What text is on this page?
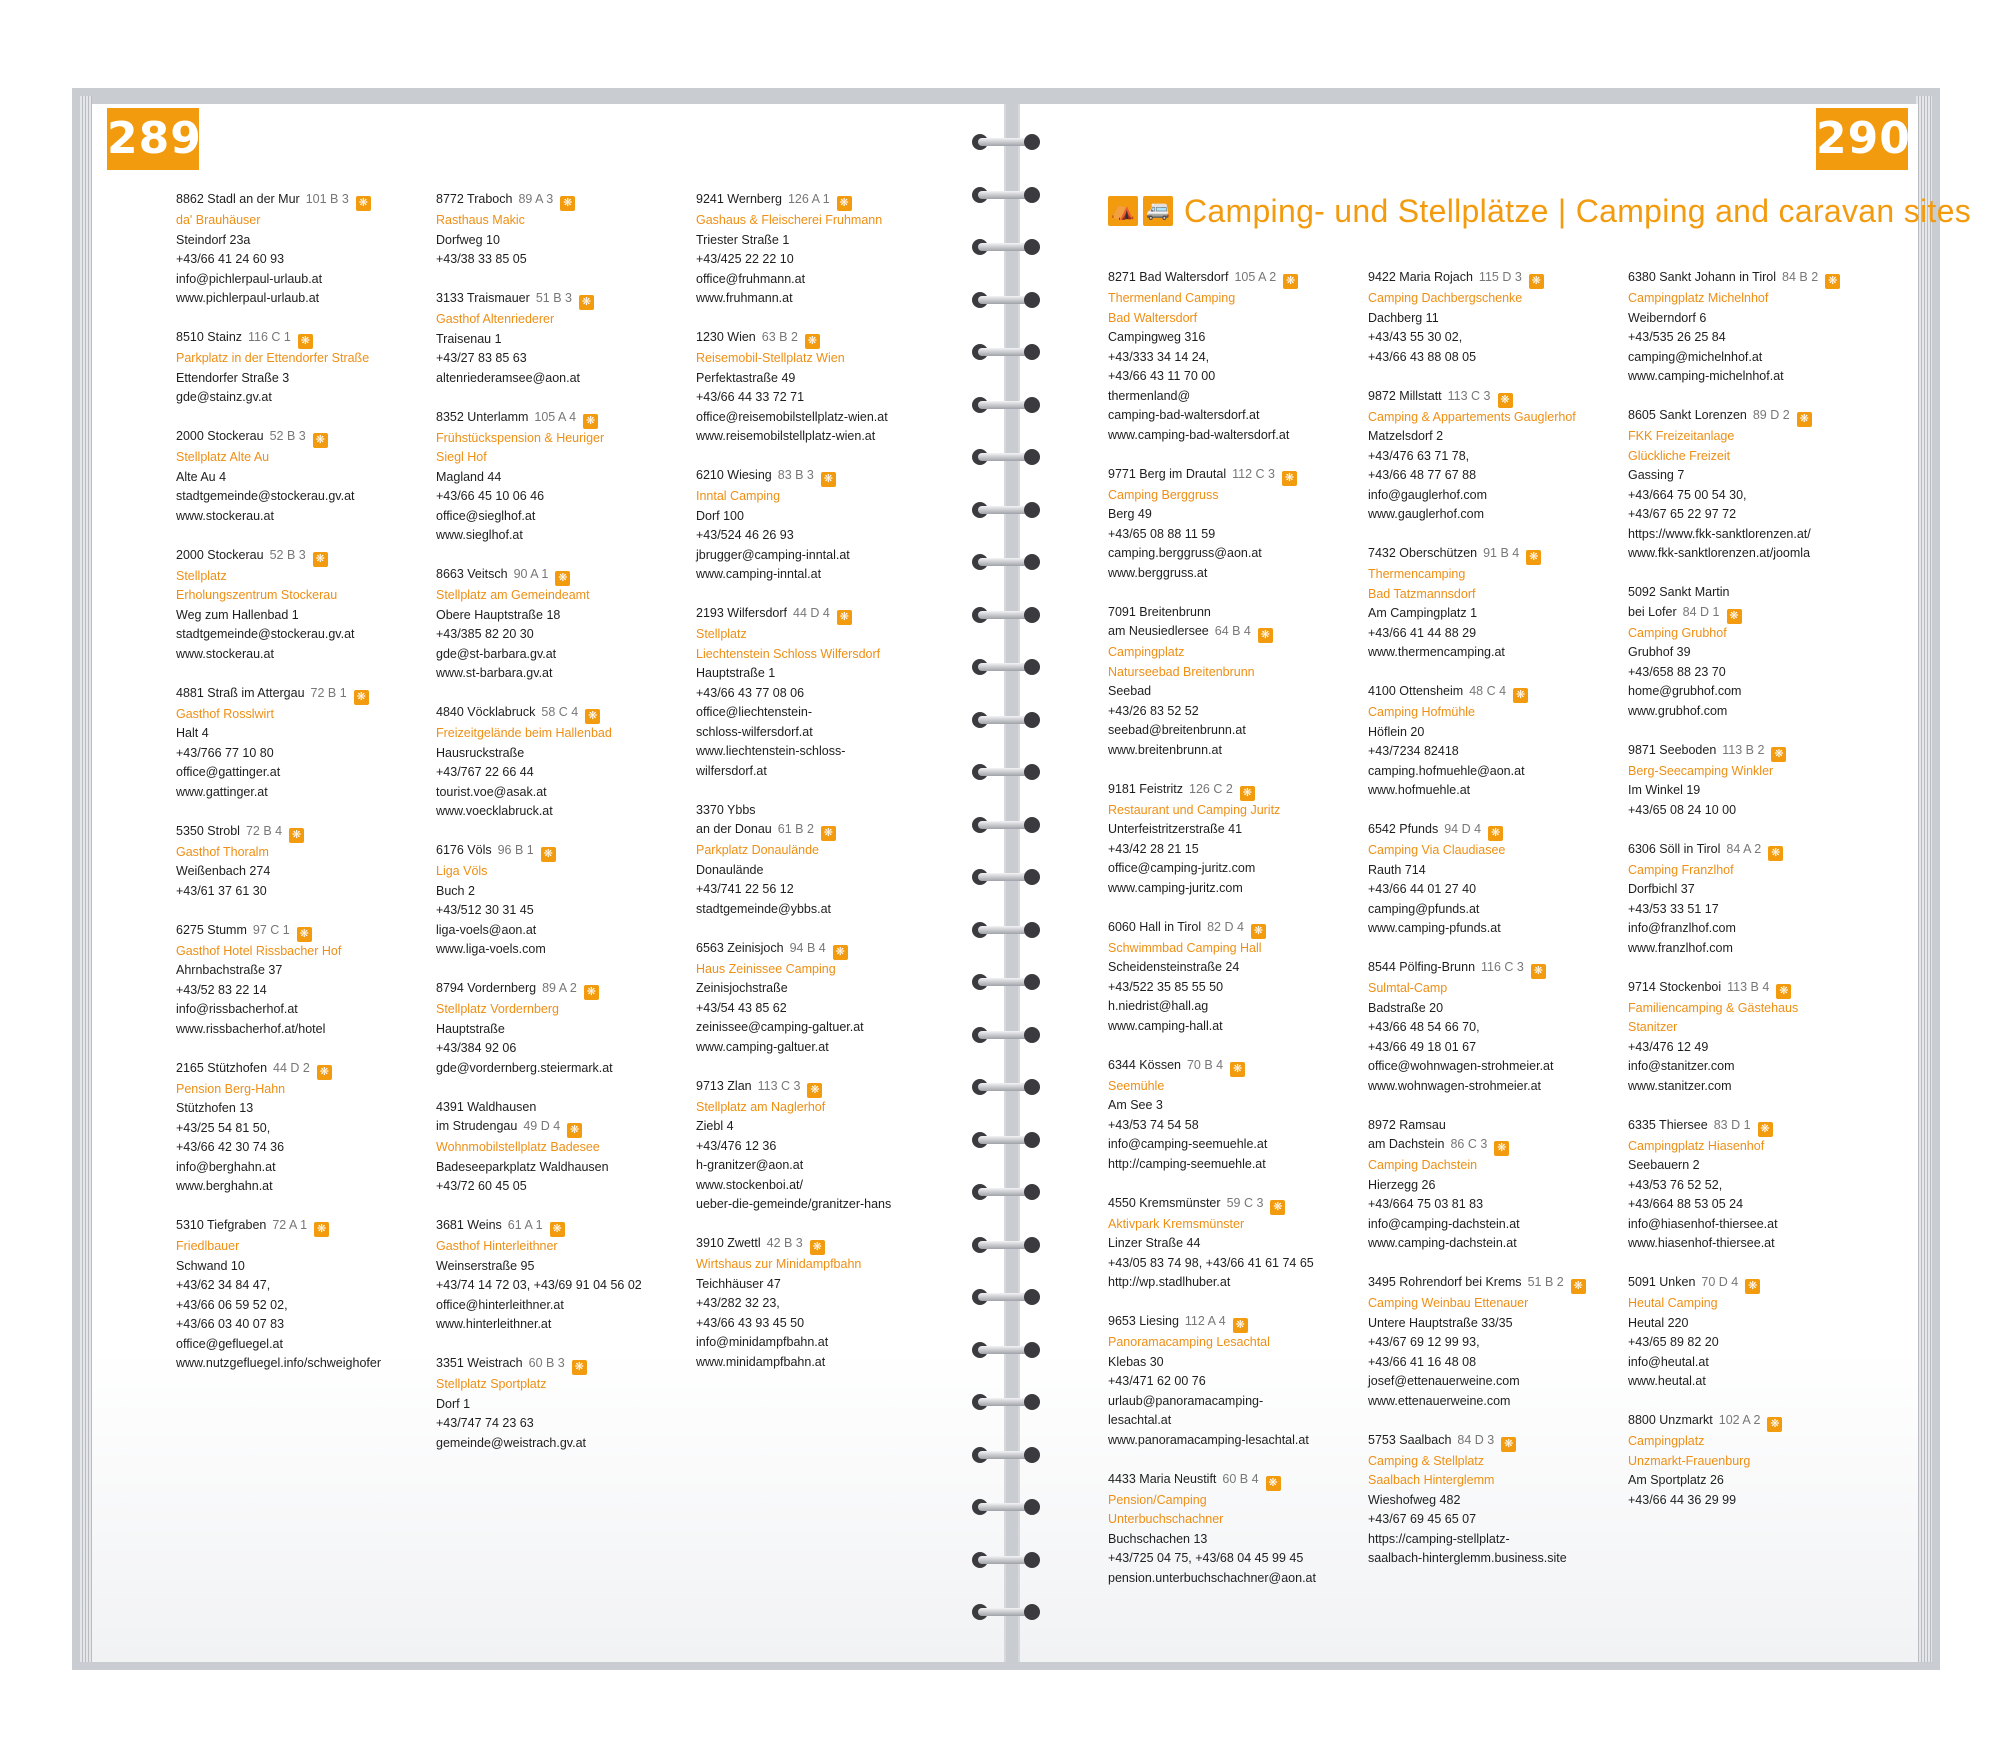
289	290
⛺ 🚐 Camping- und Stellplätze | Camping and caravan sites
8862 Stadl an der Mur 101 B 3 ❋
da' Brauhäuser
Steindorf 23a
+43/66 41 24 60 93
info@pichlerpaul-urlaub.at
www.pichlerpaul-urlaub.at
8510 Stainz 116 C 1 ❋
Parkplatz in der Ettendorfer Straße
Ettendorfer Straße 3
gde@stainz.gv.at
2000 Stockerau 52 B 3 ❋
Stellplatz Alte Au
Alte Au 4
stadtgemeinde@stockerau.gv.at
www.stockerau.at
2000 Stockerau 52 B 3 ❋
Stellplatz
Erholungszentrum Stockerau
Weg zum Hallenbad 1
stadtgemeinde@stockerau.gv.at
www.stockerau.at
4881 Straß im Attergau 72 B 1 ❋
Gasthof Rosslwirt
Halt 4
+43/766 77 10 80
office@gattinger.at
www.gattinger.at
5350 Strobl 72 B 4 ❋
Gasthof Thoralm
Weißenbach 274
+43/61 37 61 30
6275 Stumm 97 C 1 ❋
Gasthof Hotel Rissbacher Hof
Ahrnbachstraße 37
+43/52 83 22 14
info@rissbacherhof.at
www.rissbacherhof.at/hotel
2165 Stützhofen 44 D 2 ❋
Pension Berg-Hahn
Stützhofen 13
+43/25 54 81 50,
+43/66 42 30 74 36
info@berghahn.at
www.berghahn.at
5310 Tiefgraben 72 A 1 ❋
Friedlbauer
Schwand 10
+43/62 34 84 47,
+43/66 06 59 52 02,
+43/66 03 40 07 83
office@gefluegel.at
www.nutzgefluegel.info/schweighofer
8772 Traboch 89 A 3 ❋
Rasthaus Makic
Dorfweg 10
+43/38 33 85 05
3133 Traismauer 51 B 3 ❋
Gasthof Altenriederer
Traisenau 1
+43/27 83 85 63
altenriederamsee@aon.at
8352 Unterlamm 105 A 4 ❋
Frühstückspension & Heuriger
Siegl Hof
Magland 44
+43/66 45 10 06 46
office@sieglhof.at
www.sieglhof.at
8663 Veitsch 90 A 1 ❋
Stellplatz am Gemeindeamt
Obere Hauptstraße 18
+43/385 82 20 30
gde@st-barbara.gv.at
www.st-barbara.gv.at
4840 Vöcklabruck 58 C 4 ❋
Freizeitgelände beim Hallenbad
Hausruckstraße
+43/767 22 66 44
tourist.voe@asak.at
www.voecklabruck.at
6176 Völs 96 B 1 ❋
Liga Völs
Buch 2
+43/512 30 31 45
liga-voels@aon.at
www.liga-voels.com
8794 Vordernberg 89 A 2 ❋
Stellplatz Vordernberg
Hauptstraße
+43/384 92 06
gde@vordernberg.steiermark.at
4391 Waldhausen
im Strudengau 49 D 4 ❋
Wohnmobilstellplatz Badesee
Badeseeparkplatz Waldhausen
+43/72 60 45 05
3681 Weins 61 A 1 ❋
Gasthof Hinterleithner
Weinserstraße 95
+43/74 14 72 03, +43/69 91 04 56 02
office@hinterleithner.at
www.hinterleithner.at
3351 Weistrach 60 B 3 ❋
Stellplatz Sportplatz
Dorf 1
+43/747 74 23 63
gemeinde@weistrach.gv.at
9241 Wernberg 126 A 1 ❋
Gashaus & Fleischerei Fruhmann
Triester Straße 1
+43/425 22 22 10
office@fruhmann.at
www.fruhmann.at
1230 Wien 63 B 2 ❋
Reisemobil-Stellplatz Wien
Perfektastraße 49
+43/66 44 33 72 71
office@reisemobilstellplatz-wien.at
www.reisemobilstellplatz-wien.at
6210 Wiesing 83 B 3 ❋
Inntal Camping
Dorf 100
+43/524 46 26 93
jbrugger@camping-inntal.at
www.camping-inntal.at
2193 Wilfersdorf 44 D 4 ❋
Stellplatz
Liechtenstein Schloss Wilfersdorf
Hauptstraße 1
+43/66 43 77 08 06
office@liechtenstein-
schloss-wilfersdorf.at
www.liechtenstein-schloss-
wilfersdorf.at
3370 Ybbs
an der Donau 61 B 2 ❋
Parkplatz Donaulände
Donaulände
+43/741 22 56 12
stadtgemeinde@ybbs.at
6563 Zeinisjoch 94 B 4 ❋
Haus Zeinissee Camping
Zeinisjochstraße
+43/54 43 85 62
zeinissee@camping-galtuer.at
www.camping-galtuer.at
9713 Zlan 113 C 3 ❋
Stellplatz am Naglerhof
Ziebl 4
+43/476 12 36
h-granitzer@aon.at
www.stockenboi.at/
ueber-die-gemeinde/granitzer-hans
3910 Zwettl 42 B 3 ❋
Wirtshaus zur Minidampfbahn
Teichhäuser 47
+43/282 32 23,
+43/66 43 93 45 50
info@minidampfbahn.at
www.minidampfbahn.at
8271 Bad Waltersdorf 105 A 2 ❋
Thermenland Camping
Bad Waltersdorf
Campingweg 316
+43/333 34 14 24,
+43/66 43 11 70 00
thermenland@
camping-bad-waltersdorf.at
www.camping-bad-waltersdorf.at
9771 Berg im Drautal 112 C 3 ❋
Camping Berggruss
Berg 49
+43/65 08 88 11 59
camping.berggruss@aon.at
www.berggruss.at
7091 Breitenbrunn
am Neusiedlersee 64 B 4 ❋
Campingplatz
Naturseebad Breitenbrunn
Seebad
+43/26 83 52 52
seebad@breitenbrunn.at
www.breitenbrunn.at
9181 Feistritz 126 C 2 ❋
Restaurant und Camping Juritz
Unterfeistritzerstraße 41
+43/42 28 21 15
office@camping-juritz.com
www.camping-juritz.com
6060 Hall in Tirol 82 D 4 ❋
Schwimmbad Camping Hall
Scheidensteinstraße 24
+43/522 35 85 55 50
h.niedrist@hall.ag
www.camping-hall.at
6344 Kössen 70 B 4 ❋
Seemühle
Am See 3
+43/53 74 54 58
info@camping-seemuehle.at
http://camping-seemuehle.at
4550 Kremsmünster 59 C 3 ❋
Aktivpark Kremsmünster
Linzer Straße 44
+43/05 83 74 98, +43/66 41 61 74 65
http://wp.stadlhuber.at
9653 Liesing 112 A 4 ❋
Panoramacamping Lesachtal
Klebas 30
+43/471 62 00 76
urlaub@panoramacamping-
lesachtal.at
www.panoramacamping-lesachtal.at
4433 Maria Neustift 60 B 4 ❋
Pension/Camping
Unterbuchschachner
Buchschachen 13
+43/725 04 75, +43/68 04 45 99 45
pension.unterbuchschachner@aon.at
9422 Maria Rojach 115 D 3 ❋
Camping Dachbergschenke
Dachberg 11
+43/43 55 30 02,
+43/66 43 88 08 05
9872 Millstatt 113 C 3 ❋
Camping & Appartements Gauglerhof
Matzelsdorf 2
+43/476 63 71 78,
+43/66 48 77 67 88
info@gauglerhof.com
www.gauglerhof.com
7432 Oberschützen 91 B 4 ❋
Thermencamping
Bad Tatzmannsdorf
Am Campingplatz 1
+43/66 41 44 88 29
www.thermencamping.at
4100 Ottensheim 48 C 4 ❋
Camping Hofmühle
Höflein 20
+43/7234 82418
camping.hofmuehle@aon.at
www.hofmuehle.at
6542 Pfunds 94 D 4 ❋
Camping Via Claudiasee
Rauth 714
+43/66 44 01 27 40
camping@pfunds.at
www.camping-pfunds.at
8544 Pölfing-Brunn 116 C 3 ❋
Sulmtal-Camp
Badstraße 20
+43/66 48 54 66 70,
+43/66 49 18 01 67
office@wohnwagen-strohmeier.at
www.wohnwagen-strohmeier.at
8972 Ramsau
am Dachstein 86 C 3 ❋
Camping Dachstein
Hierzegg 26
+43/664 75 03 81 83
info@camping-dachstein.at
www.camping-dachstein.at
3495 Rohrendorf bei Krems 51 B 2 ❋
Camping Weinbau Ettenauer
Untere Hauptstraße 33/35
+43/67 69 12 99 93,
+43/66 41 16 48 08
josef@ettenauerweine.com
www.ettenauerweine.com
5753 Saalbach 84 D 3 ❋
Camping & Stellplatz
Saalbach Hinterglemm
Wieshofweg 482
+43/67 69 45 65 07
https://camping-stellplatz-
saalbach-hinterglemm.business.site
6380 Sankt Johann in Tirol 84 B 2 ❋
Campingplatz Michelnhof
Weiberndorf 6
+43/535 26 25 84
camping@michelnhof.at
www.camping-michelnhof.at
8605 Sankt Lorenzen 89 D 2 ❋
FKK Freizeitanlage
Glückliche Freizeit
Gassing 7
+43/664 75 00 54 30,
+43/67 65 22 97 72
https://www.fkk-sanktlorenzen.at/
www.fkk-sanktlorenzen.at/joomla
5092 Sankt Martin
bei Lofer 84 D 1 ❋
Camping Grubhof
Grubhof 39
+43/658 88 23 70
home@grubhof.com
www.grubhof.com
9871 Seeboden 113 B 2 ❋
Berg-Seecamping Winkler
Im Winkel 19
+43/65 08 24 10 00
6306 Söll in Tirol 84 A 2 ❋
Camping Franzlhof
Dorfbichl 37
+43/53 33 51 17
info@franzlhof.com
www.franzlhof.com
9714 Stockenboi 113 B 4 ❋
Familiencamping & Gästehaus
Stanitzer
+43/476 12 49
info@stanitzer.com
www.stanitzer.com
6335 Thiersee 83 D 1 ❋
Campingplatz Hiasenhof
Seebauern 2
+43/53 76 52 52,
+43/664 88 53 05 24
info@hiasenhof-thiersee.at
www.hiasenhof-thiersee.at
5091 Unken 70 D 4 ❋
Heutal Camping
Heutal 220
+43/65 89 82 20
info@heutal.at
www.heutal.at
8800 Unzmarkt 102 A 2 ❋
Campingplatz
Unzmarkt-Frauenburg
Am Sportplatz 26
+43/66 44 36 29 99
